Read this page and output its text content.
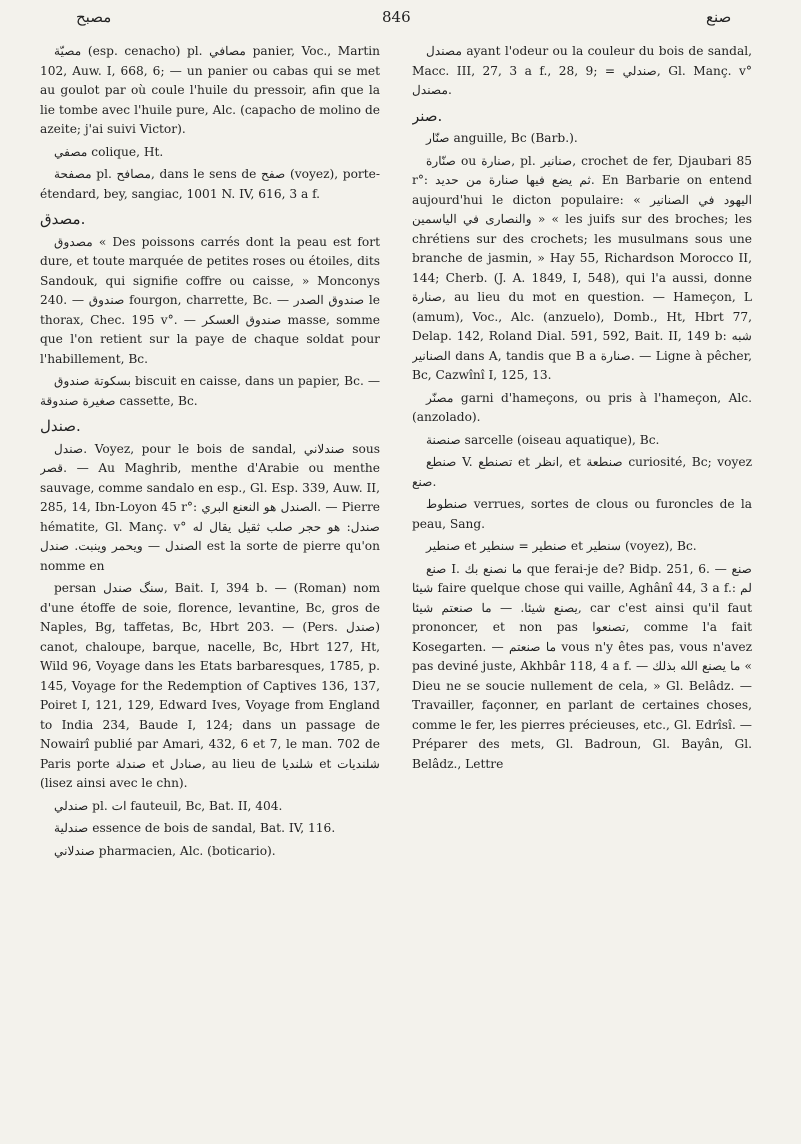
مصبح	846	صنع

مصيّة (esp. cenacho) pl. مصافي panier, Voc., Martin 102, Auw. I, 668, 6; — un panier ou cabas qui se met au goulot par où coule l'huile du pressoir, afin que la lie tombe avec l'huile pure, Alc. (capacho de molino de azeite; j'ai suivi Victor).

مصفي colique, Ht.

مصفحة pl. مصافح, dans le sens de صفح (voyez), porte-étendard, bey, sangiac, 1001 N. IV, 616, 3 a f.

مصدق.

مصدوق « Des poissons carrés dont la peau est fort dure, et toute marquée de petites roses ou étoiles, dits Sandouk, qui signifie coffre ou caisse, » Monconys 240. — صندوق fourgon, charrette, Bc. — صندوق الصدر le thorax, Chec. 195 v°. — صندوق العسكر masse, somme que l'on retient sur la paye de chaque soldat pour l'habillement, Bc.

بسكوتة صندوق biscuit en caisse, dans un papier, Bc. — صغيرة صندوقة cassette, Bc.

صندل.

صندل. Voyez, pour le bois de sandal, صندلاني sous قصر. — Au Maghrib, menthe d'Arabie ou menthe sauvage, comme sandalo en esp., Gl. Esp. 339, Auw. II, 285, 14, Ibn-Loyon 45 r°: الصندل هو النعنع البري. — Pierre hématite, Gl. Manç. v° صندل: هو حجر صلب ثقيل يقال له الصندل — ويحمر وينبت. صندل est la sorte de pierre qu'on nomme en

persan سنگ صندل, Bait. I, 394 b. — (Roman) nom d'une étoffe de soie, florence, levantine, Bc, gros de Naples, Bg, taffetas, Bc, Hbrt 203. — (Pers. صندل) canot, chaloupe, barque, nacelle, Bc, Hbrt 127, Ht, Wild 96, Voyage dans les Etats barbaresques, 1785, p. 145, Voyage for the Redemption of Captives 136, 137, Poiret I, 121, 129, Edward Ives, Voyage from England to India 234, Baude I, 124; dans un passage de Nowairî publié par Amari, 432, 6 et 7, le man. 702 de Paris porte صندلة et صنادل, au lieu de شلنديا et شلنديات (lisez ainsi avec le chn).

صندلي pl. ات fauteuil, Bc, Bat. II, 404.

صندلية essence de bois de sandal, Bat. IV, 116.

صندلاني pharmacien, Alc. (boticario).

مصندل ayant l'odeur ou la couleur du bois de sandal, Macc. III, 27, 3 a f., 28, 9; = صندلي, Gl. Manç. v° مصندل.

صنر.

صنّار anguille, Bc (Barb.).

صنّارة ou صنارة, pl. صنانير, crochet de fer, Djaubari 85 r°: ثم يضع فيها صنارة من حديد. En Barbarie on entend aujourd'hui le dicton populaire: « اليهود في الصنانير والنصارى في الياسمين » « les juifs sur des broches; les chrétiens sur des crochets; les musulmans sous une branche de jasmin, » Hay 55, Richardson Morocco II, 144; Cherb. (J. A. 1849, I, 548), qui l'a aussi, donne صنارة, au lieu du mot en question. — Hameçon, L (amum), Voc., Alc. (anzuelo), Domb., Ht, Hbrt 77, Delap. 142, Roland Dial. 591, 592, Bait. II, 149 b: شبه الصنانير dans A, tandis que B a صنارة. — Ligne à pêcher, Bc, Cazwînî I, 125, 13.

مصنّر garni d'hameçons, ou pris à l'hameçon, Alc. (anzolado).

صنصنة sarcelle (oiseau aquatique), Bc.

صنطع V. تصنطع et انظر, et صنطعة curiosité, Bc; voyez صنع.

صنطوط verrues, sortes de clous ou furoncles de la peau, Sang.

صنطير et صنطير = سنطير et سنطير (voyez), Bc.

صنع I. ما نصنع بك que ferai-je de? Bidp. 251, 6. — صنع شيئا faire quelque chose qui vaille, Aghânî 44, 3 a f.: لم يصنع شيئا. — ما صنعتم شيئا, car c'est ainsi qu'il faut prononcer, et non pas تصنعوا, comme l'a fait Kosegarten. — ما صنعتم vous n'y êtes pas, vous n'avez pas deviné juste, Akhbâr 118, 4 a f. — ما يصنع الله بذلك « Dieu ne se soucie nullement de cela, » Gl. Belâdz. — Travailler, façonner, en parlant de certaines choses, comme le fer, les pierres précieuses, etc., Gl. Edrîsî. — Préparer des mets, Gl. Badroun, Gl. Bayân, Gl. Belâdz., Lettre
